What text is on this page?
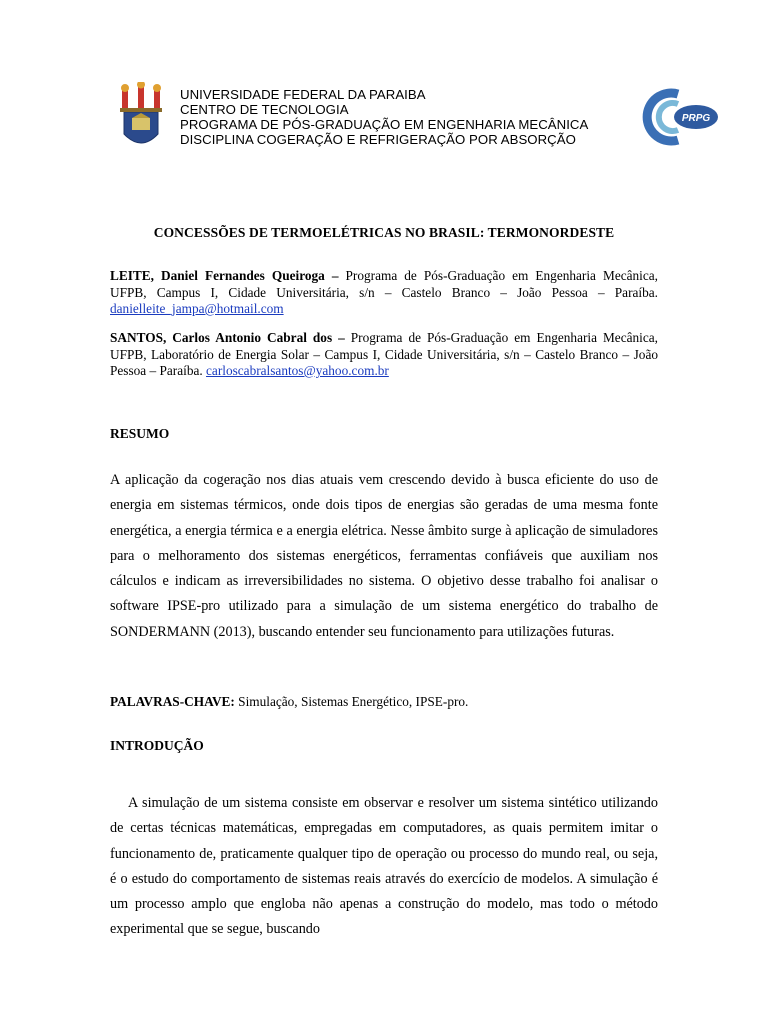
UNIVERSIDADE FEDERAL DA PARAIBA
CENTRO DE TECNOLOGIA
PROGRAMA DE PÓS-GRADUAÇÃO EM ENGENHARIA MECÂNICA
DISCIPLINA COGERAÇÃO E REFRIGERAÇÃO POR ABSORÇÃO
PRPG
CONCESSÕES DE TERMOELÉTRICAS NO BRASIL: TERMONORDESTE
LEITE, Daniel Fernandes Queiroga – Programa de Pós-Graduação em Engenharia Mecânica, UFPB, Campus I, Cidade Universitária, s/n – Castelo Branco – João Pessoa – Paraíba. danielleite_jampa@hotmail.com
SANTOS, Carlos Antonio Cabral dos – Programa de Pós-Graduação em Engenharia Mecânica, UFPB, Laboratório de Energia Solar – Campus I, Cidade Universitária, s/n – Castelo Branco – João Pessoa – Paraíba. carloscabralsantos@yahoo.com.br
RESUMO
A aplicação da cogeração nos dias atuais vem crescendo devido à busca eficiente do uso de energia em sistemas térmicos, onde dois tipos de energias são geradas de uma mesma fonte energética, a energia térmica e a energia elétrica. Nesse âmbito surge à aplicação de simuladores para o melhoramento dos sistemas energéticos, ferramentas confiáveis que auxiliam nos cálculos e indicam as irreversibilidades no sistema. O objetivo desse trabalho foi analisar o software IPSE-pro utilizado para a simulação de um sistema energético do trabalho de SONDERMANN (2013), buscando entender seu funcionamento para utilizações futuras.
PALAVRAS-CHAVE: Simulação, Sistemas Energético, IPSE-pro.
INTRODUÇÃO
A simulação de um sistema consiste em observar e resolver um sistema sintético utilizando de certas técnicas matemáticas, empregadas em computadores, as quais permitem imitar o funcionamento de, praticamente qualquer tipo de operação ou processo do mundo real, ou seja, é o estudo do comportamento de sistemas reais através do exercício de modelos. A simulação é um processo amplo que engloba não apenas a construção do modelo, mas todo o método experimental que se segue, buscando
